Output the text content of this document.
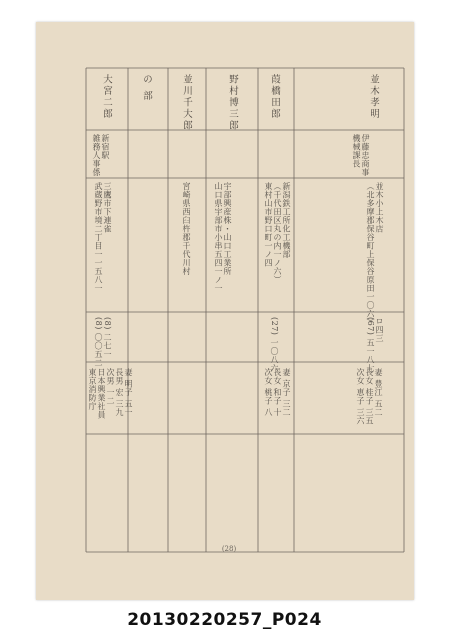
並木孝明
伊藤忠商事
機械課長
並木小上木店
（北多摩郡保谷町上保谷原田一〇六）
ロ四三
(67) 五一八七 妻 豊江 五二
長女 桂子 三五
次女 恵子 三六
葭橋田郎
新潟鉄工所化工機部
（千代田区丸の内一ノ六）
東村山市野口町一ノ四
(27) 一〇八六 妻 京子 三二
長女 和子 十
次女 桃子 八
野村博三郎
宇部興産株・山口工業所
山口県宇部市小串五四一ノ一
並川千大郎
宮崎県西臼杵郡千代川村
の 部
大宮二郎
新宿駅
雑務人事係
三鷹市下連雀
武蔵野市境二丁目一一五八一
(8) 二七一
(8) 〇〇五二
妻 明子 五一
長男 宏 三九
次男 一二
日本興業社員
東京消防庁
(28)
20130220257_P024
